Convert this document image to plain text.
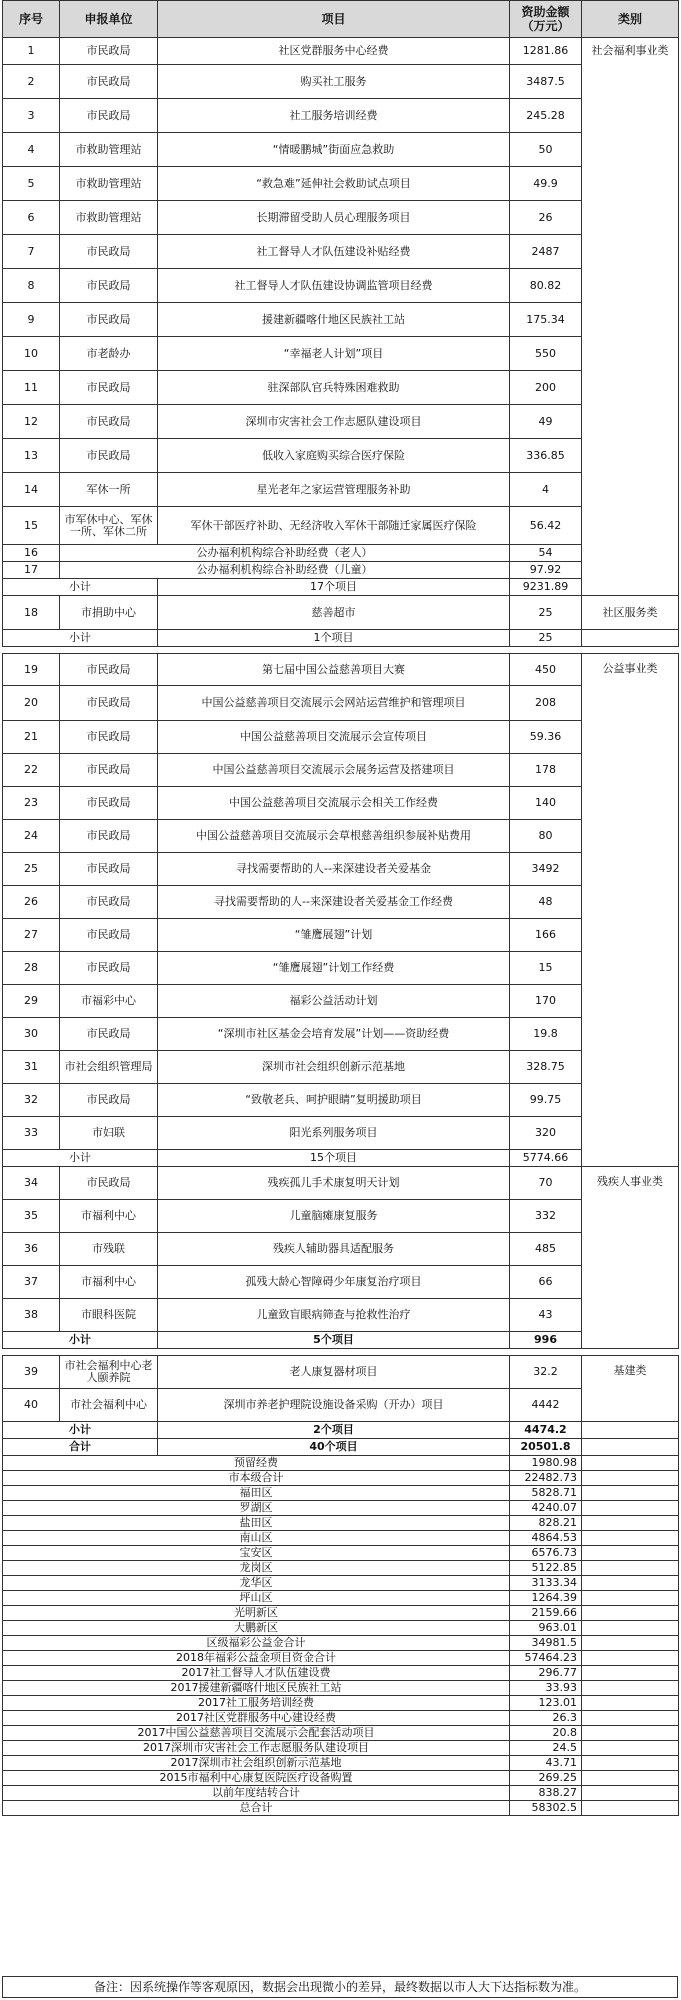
序号	申报单位	项目	资助金额（万元）	类别
1	市民政局	社区党群服务中心经费	1281.86	社会福利事业类
2	市民政局	购买社工服务	3487.5	
3	市民政局	社工服务培训经费	245.28	
4	市救助管理站	“情暖鹏城”街面应急救助	50	
5	市救助管理站	“救急难”延伸社会救助试点项目	49.9	
6	市救助管理站	长期滞留受助人员心理服务项目	26	
7	市民政局	社工督导人才队伍建设补贴经费	2487	
8	市民政局	社工督导人才队伍建设协调监管项目经费	80.82	
9	市民政局	援建新疆喀什地区民族社工站	175.34	
10	市老龄办	“幸福老人计划”项目	550	
11	市民政局	驻深部队官兵特殊困难救助	200	
12	市民政局	深圳市灾害社会工作志愿队建设项目	49	
13	市民政局	低收入家庭购买综合医疗保险	336.85	
14	军休一所	星光老年之家运营管理服务补助	4	
15	市军休中心、军休一所、军休二所	军休干部医疗补助、无经济收入军休干部随迁家属医疗保险	56.42	
16	公办福利机构综合补助经费（老人）		54	
17	公办福利机构综合补助经费（儿童）		97.92	
小计		17个项目	9231.89	
18	市捐助中心	慈善超市	25	社区服务类
小计		1个项目	25	

19	市民政局	第七届中国公益慈善项目大赛	450	公益事业类
20	市民政局	中国公益慈善项目交流展示会网站运营维护和管理项目	208	
21	市民政局	中国公益慈善项目交流展示会宣传项目	59.36	
22	市民政局	中国公益慈善项目交流展示会展务运营及搭建项目	178	
23	市民政局	中国公益慈善项目交流展示会相关工作经费	140	
24	市民政局	中国公益慈善项目交流展示会草根慈善组织参展补贴费用	80	
25	市民政局	寻找需要帮助的人--来深建设者关爱基金	3492	
26	市民政局	寻找需要帮助的人--来深建设者关爱基金工作经费	48	
27	市民政局	“雏鹰展翅”计划	166	
28	市民政局	“雏鹰展翅”计划工作经费	15	
29	市福彩中心	福彩公益活动计划	170	
30	市民政局	“深圳市社区基金会培育发展”计划——资助经费	19.8	
31	市社会组织管理局	深圳市社会组织创新示范基地	328.75	
32	市民政局	“致敬老兵、呵护眼睛”复明援助项目	99.75	
33	市妇联	阳光系列服务项目	320	
小计		15个项目	5774.66	
34	市民政局	残疾孤儿手术康复明天计划	70	残疾人事业类
35	市福利中心	儿童脑瘫康复服务	332	
36	市残联	残疾人辅助器具适配服务	485	
37	市福利中心	孤残大龄心智障碍少年康复治疗项目	66	
38	市眼科医院	儿童致盲眼病筛查与抢救性治疗	43	
小计		5个项目	996	

39	市社会福利中心老人颐养院	老人康复器材项目	32.2	基建类
40	市社会福利中心	深圳市养老护理院设施设备采购（开办）项目	4442	
小计		2个项目	4474.2	
合计		40个项目	20501.8	
预留经费			1980.98	
市本级合计			22482.73	
福田区			5828.71	
罗湖区			4240.07	
盐田区			828.21	
南山区			4864.53	
宝安区			6576.73	
龙岗区			5122.85	
龙华区			3133.34	
坪山区			1264.39	
光明新区			2159.66	
大鹏新区			963.01	
区级福彩公益金合计			34981.5	
2018年福彩公益金项目资金合计			57464.23	
2017社工督导人才队伍建设费			296.77	
2017援建新疆喀什地区民族社工站			33.93	
2017社工服务培训经费			123.01	
2017社区党群服务中心建设经费			26.3	
2017中国公益慈善项目交流展示会配套活动项目			20.8	
2017深圳市灾害社会工作志愿服务队建设项目			24.5	
2017深圳市社会组织创新示范基地			43.71	
2015市福利中心康复医院医疗设备购置			269.25	
以前年度结转合计			838.27	
总合计			58302.5	
备注：因系统操作等客观原因，数据会出现微小的差异，最终数据以市人大下达指标数为准。
